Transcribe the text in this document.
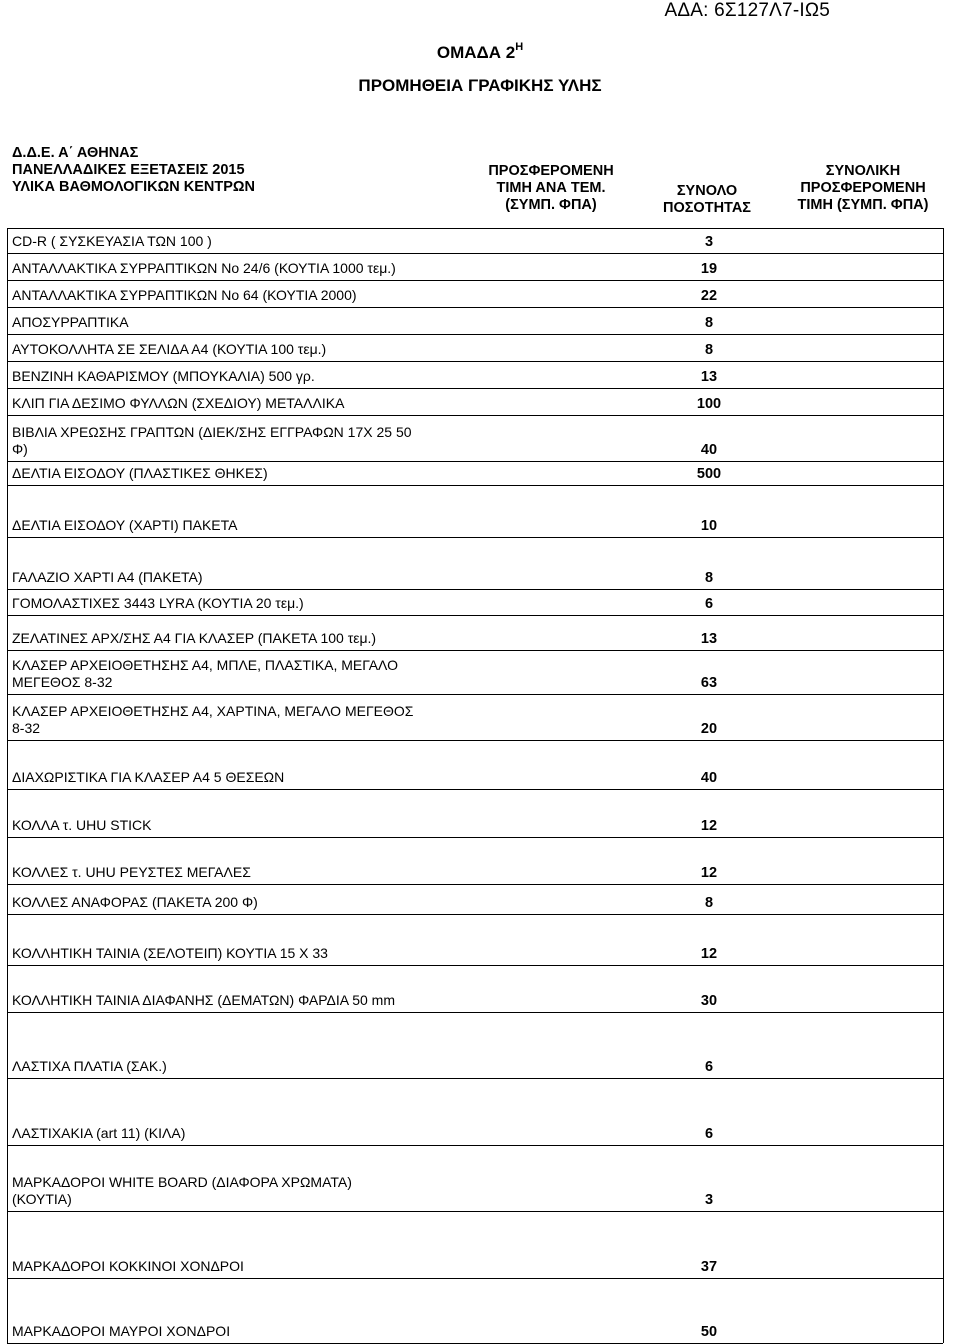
ΑΔΑ: 6Σ127Λ7-ΙΩ5
ΟΜΑΔΑ $2^H$
ΠΡΟΜΗΘΕΙΑ ΓΡΑΦΙΚΗΣ ΥΛΗΣ
Δ.Δ.Ε. Α΄ ΑΘΗΝΑΣ
ΠΑΝΕΛΛΑΔΙΚΕΣ ΕΞΕΤΑΣΕΙΣ 2015
ΥΛΙΚΑ ΒΑΘΜΟΛΟΓΙΚΩΝ ΚΕΝΤΡΩΝ
ΠΡΟΣΦΕΡΟΜΕΝΗ
ΤΙΜΗ ΑΝΑ ΤΕΜ.
(ΣΥΜΠ. ΦΠΑ)
ΣΥΝΟΛΟ
ΠΟΣΟΤΗΤΑΣ
ΣΥΝΟΛΙΚΗ
ΠΡΟΣΦΕΡΟΜΕΝΗ
ΤΙΜΗ (ΣΥΜΠ. ΦΠΑ)
CD-R ( ΣΥΣΚΕΥΑΣΙΑ ΤΩΝ 100 )	3
ΑΝΤΑΛΛΑΚΤΙΚΑ ΣΥΡΡΑΠΤΙΚΩΝ Νο 24/6 (ΚΟΥΤΙΑ 1000 τεμ.)	19
ΑΝΤΑΛΛΑΚΤΙΚΑ ΣΥΡΡΑΠΤΙΚΩΝ Νο 64 (ΚΟΥΤΙΑ 2000)	22
ΑΠΟΣΥΡΡΑΠΤΙΚΑ	8
ΑΥΤΟΚΟΛΛΗΤΑ ΣΕ ΣΕΛΙΔΑ Α4 (ΚΟΥΤΙΑ 100 τεμ.)	8
ΒΕΝΖΙΝΗ ΚΑΘΑΡΙΣΜΟΥ (ΜΠΟΥΚΑΛΙΑ) 500 γρ.	13
ΚΛΙΠ ΓΙΑ ΔΕΣΙΜΟ ΦΥΛΛΩΝ (ΣΧΕΔΙΟΥ) ΜΕΤΑΛΛΙΚΑ	100
ΒΙΒΛΙΑ ΧΡΕΩΣΗΣ ΓΡΑΠΤΩΝ (ΔΙΕΚ/ΣΗΣ ΕΓΓΡΑΦΩΝ 17Χ 25 50
Φ)	40
ΔΕΛΤΙΑ ΕΙΣΟΔΟΥ (ΠΛΑΣΤΙΚΕΣ ΘΗΚΕΣ)	500
ΔΕΛΤΙΑ ΕΙΣΟΔΟΥ (ΧΑΡΤΙ) ΠΑΚΕΤΑ	10
ΓΑΛΑΖΙΟ ΧΑΡΤΙ Α4 (ΠΑΚΕΤΑ)	8
ΓΟΜΟΛΑΣΤΙΧΕΣ 3443 LYRA (ΚΟΥΤΙΑ 20 τεμ.)	6
ΖΕΛΑΤΙΝΕΣ ΑΡΧ/ΣΗΣ Α4 ΓΙΑ ΚΛΑΣΕΡ (ΠΑΚΕΤΑ 100 τεμ.)	13
ΚΛΑΣΕΡ ΑΡΧΕΙΟΘΕΤΗΣΗΣ Α4, ΜΠΛΕ, ΠΛΑΣΤΙΚΑ, ΜΕΓΑΛΟ
ΜΕΓΕΘΟΣ 8-32	63
ΚΛΑΣΕΡ ΑΡΧΕΙΟΘΕΤΗΣΗΣ Α4, ΧΑΡΤΙΝΑ, ΜΕΓΑΛΟ ΜΕΓΕΘΟΣ
8-32	20
ΔΙΑΧΩΡΙΣΤΙΚΑ ΓΙΑ ΚΛΑΣΕΡ Α4 5 ΘΕΣΕΩΝ	40
ΚΟΛΛΑ τ. UHU STICK	12
ΚΟΛΛΕΣ τ. UHU ΡΕΥΣΤΕΣ ΜΕΓΑΛΕΣ	12
ΚΟΛΛΕΣ ΑΝΑΦΟΡΑΣ (ΠΑΚΕΤΑ 200 Φ)	8
ΚΟΛΛΗΤΙΚΗ ΤΑΙΝΙΑ (ΣΕΛΟΤΕΙΠ) ΚΟΥΤΙΑ 15 Χ 33	12
ΚΟΛΛΗΤΙΚΗ ΤΑΙΝΙΑ ΔΙΑΦΑΝΗΣ (ΔΕΜΑΤΩΝ) ΦΑΡΔΙΑ 50 mm	30
ΛΑΣΤΙΧΑ ΠΛΑΤΙΑ (ΣΑΚ.)	6
ΛΑΣΤΙΧΑΚΙΑ (art 11) (ΚΙΛΑ)	6
ΜΑΡΚΑΔΟΡΟΙ WHITE BOARD (ΔΙΑΦΟΡΑ ΧΡΩΜΑΤΑ)
(ΚΟΥΤΙΑ)	3
ΜΑΡΚΑΔΟΡΟΙ ΚΟΚΚΙΝΟΙ ΧΟΝΔΡΟΙ	37
ΜΑΡΚΑΔΟΡΟΙ ΜΑΥΡΟΙ ΧΟΝΔΡΟΙ	50
